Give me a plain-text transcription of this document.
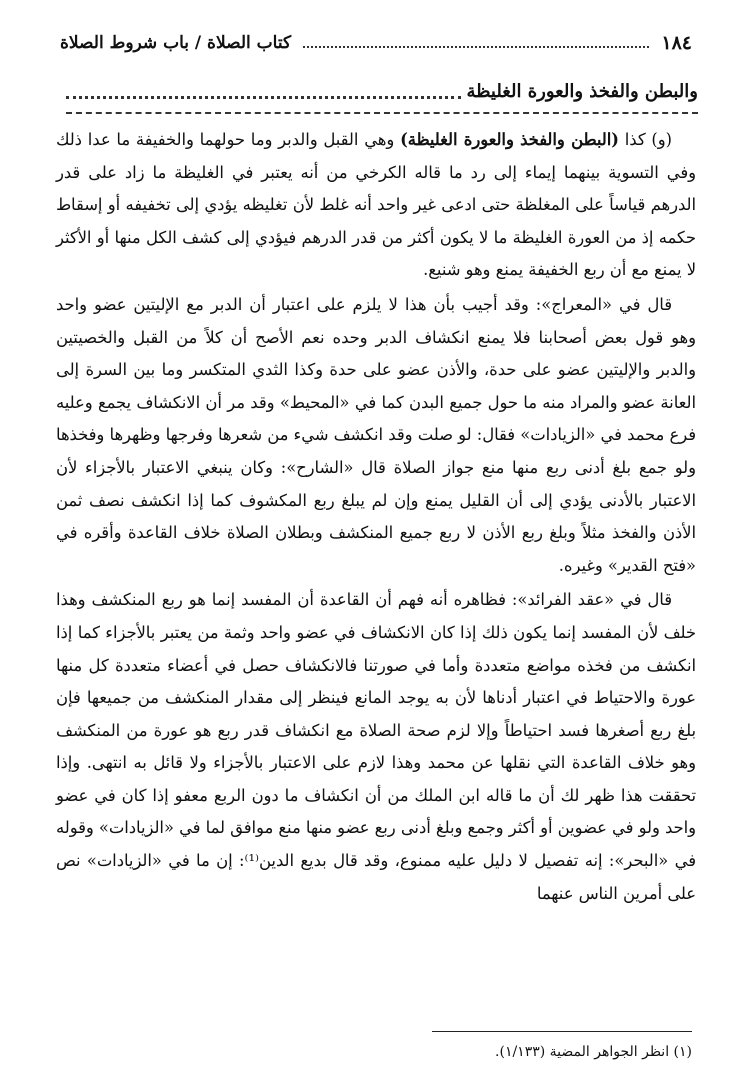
١٨٤
كتاب الصلاة / باب شروط الصلاة
والبطن والفخذ والعورة الغليظة

(و) كذا (البطن والفخذ والعورة الغليظة) وهي القبل والدبر وما حولهما والخفيفة ما عدا ذلك وفي التسوية بينهما إيماء إلى رد ما قاله الكرخي من أنه يعتبر في الغليظة ما زاد على قدر الدرهم قياساً على المغلظة حتى ادعى غير واحد أنه غلط لأن تغليظه يؤدي إلى تخفيفه أو إسقاط حكمه إذ من العورة الغليظة ما لا يكون أكثر من قدر الدرهم فيؤدي إلى كشف الكل منها أو الأكثر لا يمنع مع أن ربع الخفيفة يمنع وهو شنيع.

قال في «المعراج»: وقد أجيب بأن هذا لا يلزم على اعتبار أن الدبر مع الإليتين عضو واحد وهو قول بعض أصحابنا فلا يمنع انكشاف الدبر وحده نعم الأصح أن كلاً من القبل والخصيتين والدبر والإليتين عضو على حدة، والأذن عضو على حدة وكذا الثدي المتكسر وما بين السرة إلى العانة عضو والمراد منه ما حول جميع البدن كما في «المحيط» وقد مر أن الانكشاف يجمع وعليه فرع محمد في «الزيادات» فقال: لو صلت وقد انكشف شيء من شعرها وفرجها وظهرها وفخذها ولو جمع بلغ أدنى ربع منها منع جواز الصلاة قال «الشارح»: وكان ينبغي الاعتبار بالأجزاء لأن الاعتبار بالأدنى يؤدي إلى أن القليل يمنع وإن لم يبلغ ربع المكشوف كما إذا انكشف نصف ثمن الأذن والفخذ مثلاً وبلغ ربع الأذن لا ربع جميع المنكشف وبطلان الصلاة خلاف القاعدة وأقره في «فتح القدير» وغيره.

قال في «عقد الفرائد»: فظاهره أنه فهم أن القاعدة أن المفسد إنما هو ربع المنكشف وهذا خلف لأن المفسد إنما يكون ذلك إذا كان الانكشاف في عضو واحد وثمة من يعتبر بالأجزاء كما إذا انكشف من فخذه مواضع متعددة وأما في صورتنا فالانكشاف حصل في أعضاء متعددة كل منها عورة والاحتياط في اعتبار أدناها لأن به يوجد المانع فينظر إلى مقدار المنكشف من جميعها فإن بلغ ربع أصغرها فسد احتياطاً وإلا لزم صحة الصلاة مع انكشاف قدر ربع هو عورة من المنكشف وهو خلاف القاعدة التي نقلها عن محمد وهذا لازم على الاعتبار بالأجزاء ولا قائل به انتهى. وإذا تحققت هذا ظهر لك أن ما قاله ابن الملك من أن انكشاف ما دون الربع معفو إذا كان في عضو واحد ولو في عضوين أو أكثر وجمع وبلغ أدنى ربع عضو منها منع موافق لما في «الزيادات» وقوله في «البحر»: إنه تفصيل لا دليل عليه ممنوع، وقد قال بديع الدين⁽¹⁾: إن ما في «الزيادات» نص على أمرين الناس عنهما

(١) انظر الجواهر المضية (١/١٣٣).
